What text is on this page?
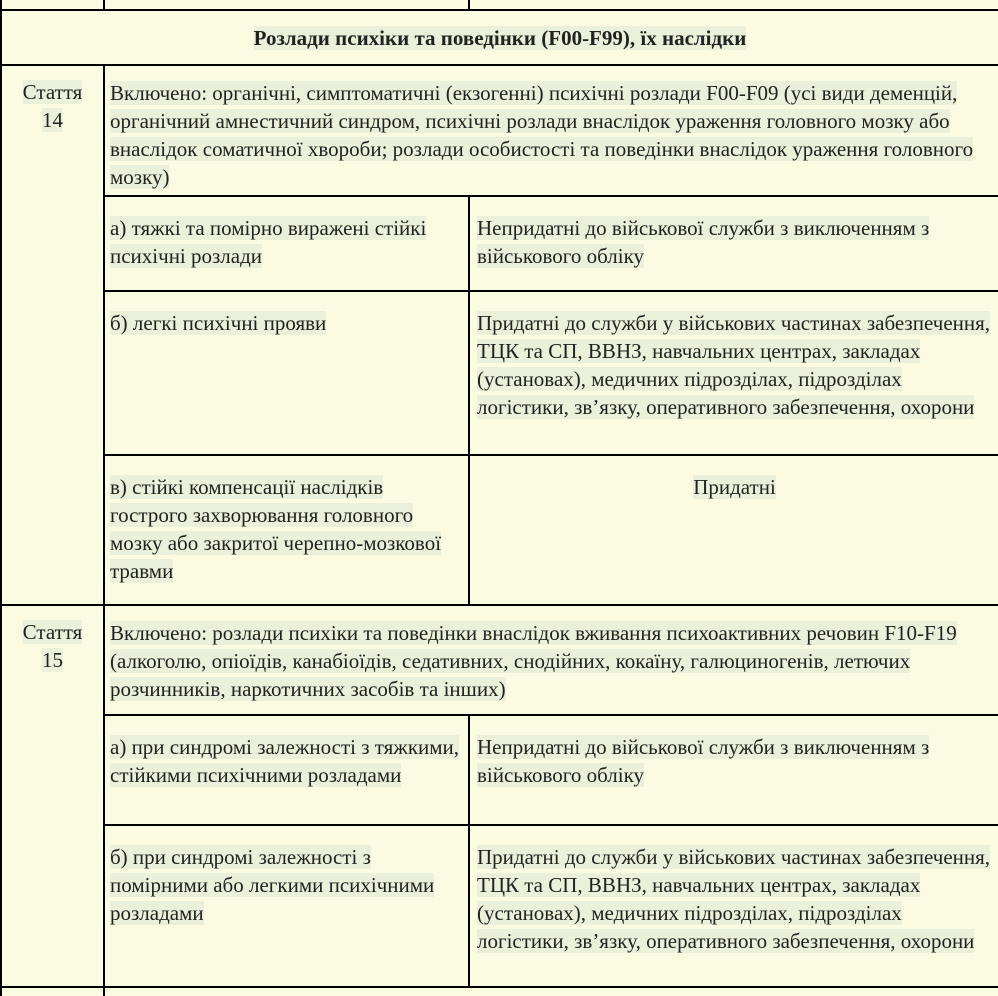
Розлади психіки та поведінки (F00-F99), їх наслідки		

Стаття
14	Включено: органічні, симптоматичні (екзогенні) психічні розлади F00-F09 (усі види деменцій, органічний амнестичний синдром, психічні розлади внаслідок ураження головного мозку або внаслідок соматичної хвороби; розлади особистості та поведінки внаслідок ураження головного мозку)	
	а) тяжкі та помірно виражені стійкі психічні розлади	Непридатні до військової служби з виключенням з військового обліку
	б) легкі психічні прояви	Придатні до служби у військових частинах забезпечення, ТЦК та СП, ВВНЗ, навчальних центрах, закладах (установах), медичних підрозділах, підрозділах логістики, зв’язку, оперативного забезпечення, охорони
	в) стійкі компенсації наслідків гострого захворювання головного мозку або закритої черепно-мозкової травми	Придатні

Стаття
15	Включено: розлади психіки та поведінки внаслідок вживання психоактивних речовин F10-F19 (алкоголю, опіоїдів, канабіоїдів, седативних, снодійних, кокаїну, галюциногенів, летючих розчинників, наркотичних засобів та інших)	
	а) при синдромі залежності з тяжкими, стійкими психічними розладами	Непридатні до військової служби з виключенням з військового обліку
	б) при синдромі залежності з помірними або легкими психічними розладами	Придатні до служби у військових частинах забезпечення, ТЦК та СП, ВВНЗ, навчальних центрах, закладах (установах), медичних підрозділах, підрозділах логістики, зв’язку, оперативного забезпечення, охорони
